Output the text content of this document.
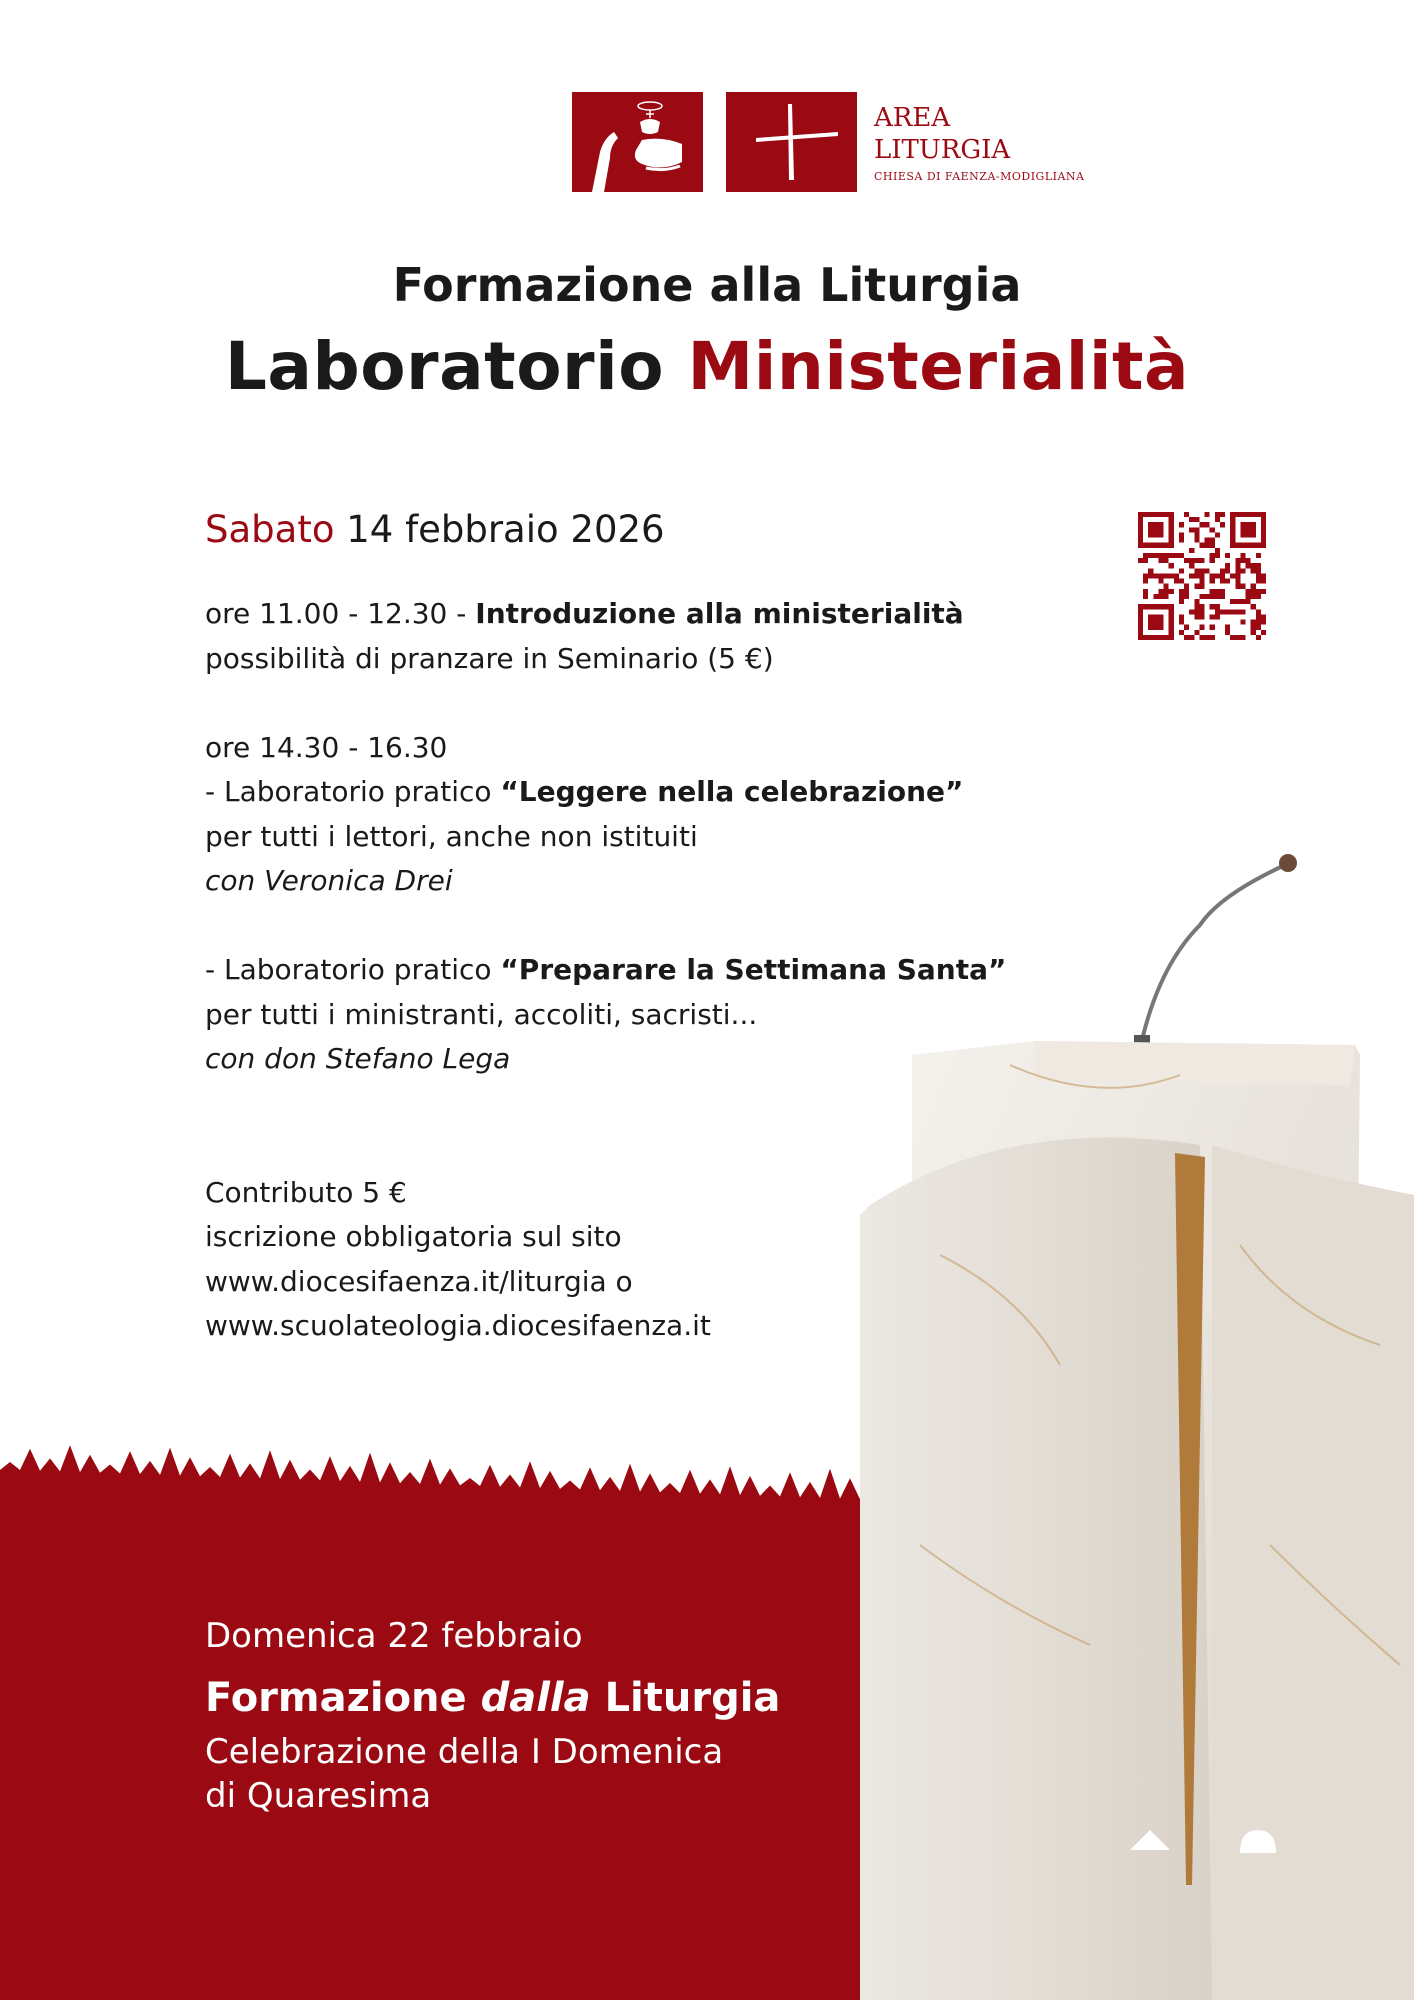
AREA
LITURGIA
CHIESA DI FAENZA-MODIGLIANA
Formazione alla Liturgia
Laboratorio Ministerialità
Sabato 14 febbraio 2026
ore 11.00 - 12.30 - Introduzione alla ministerialità
possibilità di pranzare in Seminario (5 €)
ore 14.30 - 16.30
- Laboratorio pratico “Leggere nella celebrazione”
per tutti i lettori, anche non istituiti
con Veronica Drei
- Laboratorio pratico “Preparare la Settimana Santa”
per tutti i ministranti, accoliti, sacristi...
con don Stefano Lega
Contributo 5 €
iscrizione obbligatoria sul sito
www.diocesifaenza.it/liturgia o
www.scuolateologia.diocesifaenza.it
Domenica 22 febbraio
Formazione dalla Liturgia
Celebrazione della I Domenica
di Quaresima
